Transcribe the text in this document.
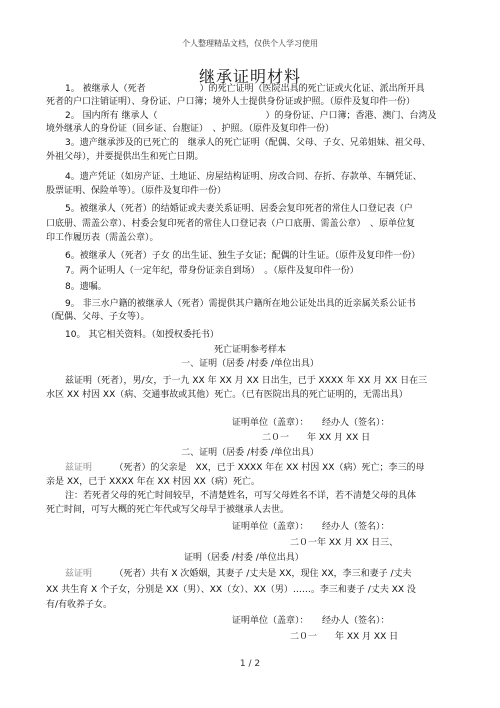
个人整理精品文档，仅供个人学习使用
继承证明材料
1。 被继承人（死者　　　　　　）的死亡证明（医院出具的死亡证或火化证、派出所开具
死者的户口注销证明）、身份证、户口簿；境外人士提供身份证或护照。（原件及复印件一份）
2。 国内所有 继承人（　　　　　　　　　　　　）的身份证、户口簿；香港、澳门、台湾及
境外继承人的身份证（回乡证、台胞证）　、护照。（原件及复印件一份）
3。遗产继承涉及的已死亡的　继承人的死亡证明（配偶、父母、子女、兄弟姐妹、祖父母、
外祖父母），并要提供出生和死亡日期。
4。遗产凭证（如房产证、土地证、房屋结构证明、房改合同、存折、存款单、车辆凭证、
股票证明、保险单等）。（原件及复印件一份）
5。被继承人（死者）的结婚证或夫妻关系证明、居委会复印死者的常住人口登记表（户
口底册、需盖公章）、村委会复印死者的常住人口登记表（户口底册、需盖公章）　、原单位复
印工作履历表（需盖公章）。
6。被继承人（死者）子女 的出生证、独生子女证；配偶的计生证。（原件及复印件一份）
7。两个证明人（一定年纪，带身份证亲自到场）　。（原件及复印件一份）
8。遗嘱。
9。 非三水户籍的被继承人（死者）需提供其户籍所在地公证处出具的近亲属关系公证书
（配偶、父母、子女等）。
10。 其它相关资料。（如授权委托书）
死亡证明参考样本
一、证明（居委 /村委 /单位出具）
兹证明（死者），男/女，于一九 XX 年 XX 月 XX 日出生，已于 XXXX 年 XX 月 XX 日在三
水区 XX 村因 XX（病、交通事故或其他）死亡。（已有医院出具的死亡证明的，无需出具）
证明单位（盖章）：　　经办人（签名）：
二０一　　年 XX 月 XX 日
二、证明（居委 /村委 /单位出具）
兹证明 　　（死者）的父亲是　XX，已于 XXXX 年在 XX 村因 XX（病）死亡；李三的母
亲是 XX，已于 XXXX 年在 XX 村因 XX（病）死亡。
注：若死者父母的死亡时间较早，不清楚姓名，可写父母姓名不详，若不清楚父母的具体
死亡时间，可写大概的死亡年代或写父母早于被继承人去世。
证明单位（盖章）：　　经办人（签名）：
二０一年 XX 月 XX 日三、
证明（居委 /村委 /单位出具）
兹证明 　　（死者）共有 X 次婚姻，其妻子 /丈夫是 XX，现住 XX，李三和妻子 /丈夫
XX 共生育 X 个子女，分别是 XX（男）、XX（女）、XX（男）……。李三和妻子 /丈夫 XX 没
有/有收养子女。
证明单位（盖章）：　　经办人（签名）：
二０一　　年 XX 月 XX 日
1 / 2
